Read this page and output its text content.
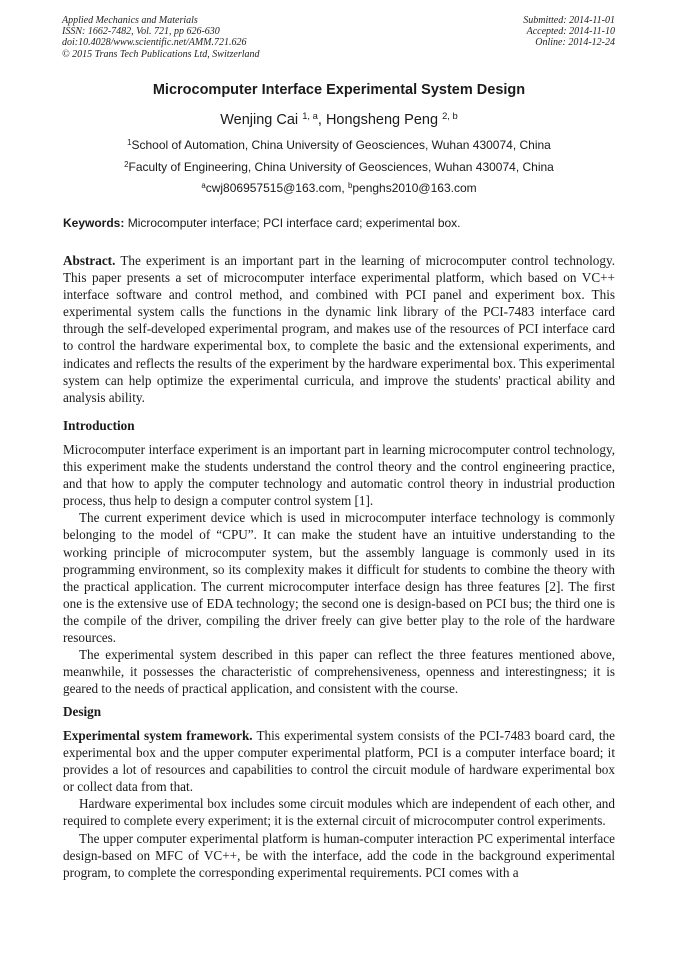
Applied Mechanics and Materials
ISSN: 1662-7482, Vol. 721, pp 626-630
doi:10.4028/www.scientific.net/AMM.721.626
© 2015 Trans Tech Publications Ltd, Switzerland
Submitted: 2014-11-01
Accepted: 2014-11-10
Online: 2014-12-24
Microcomputer Interface Experimental System Design
Wenjing Cai $^{1, a}$, Hongsheng Peng $^{2, b}$
$^1$School of Automation, China University of Geosciences, Wuhan 430074, China
$^2$Faculty of Engineering, China University of Geosciences, Wuhan 430074, China
$^a$cwj806957515@163.com, $^b$penghs2010@163.com
Keywords: Microcomputer interface; PCI interface card; experimental box.

Abstract. The experiment is an important part in the learning of microcomputer control technology. This paper presents a set of microcomputer interface experimental platform, which based on VC++ interface software and control method, and combined with PCI panel and experiment box. This experimental system calls the functions in the dynamic link library of the PCI-7483 interface card through the self-developed experimental program, and makes use of the resources of PCI interface card to control the hardware experimental box, to complete the basic and the extensional experiments, and indicates and reflects the results of the experiment by the hardware experimental box. This experimental system can help optimize the experimental curricula, and improve the students' practical ability and analysis ability.

Introduction

Microcomputer interface experiment is an important part in learning microcomputer control technology, this experiment make the students understand the control theory and the control engineering practice, and that how to apply the computer technology and automatic control theory in industrial production process, thus help to design a computer control system [1].

The current experiment device which is used in microcomputer interface technology is commonly belonging to the model of “CPU”. It can make the student have an intuitive understanding to the working principle of microcomputer system, but the assembly language is commonly used in its programming environment, so its complexity makes it difficult for students to combine the theory with the practical application. The current microcomputer interface design has three features [2]. The first one is the extensive use of EDA technology; the second one is design-based on PCI bus; the third one is the compile of the driver, compiling the driver freely can give better play to the role of the hardware resources.

The experimental system described in this paper can reflect the three features mentioned above, meanwhile, it possesses the characteristic of comprehensiveness, openness and interestingness; it is geared to the needs of practical application, and consistent with the course.

Design

Experimental system framework. This experimental system consists of the PCI-7483 board card, the experimental box and the upper computer experimental platform, PCI is a computer interface board; it provides a lot of resources and capabilities to control the circuit module of hardware experimental box or collect data from that.

Hardware experimental box includes some circuit modules which are independent of each other, and required to complete every experiment; it is the external circuit of microcomputer control experiments.

The upper computer experimental platform is human-computer interaction PC experimental interface design-based on MFC of VC++, be with the interface, add the code in the background experimental program, to complete the corresponding experimental requirements. PCI comes with a
